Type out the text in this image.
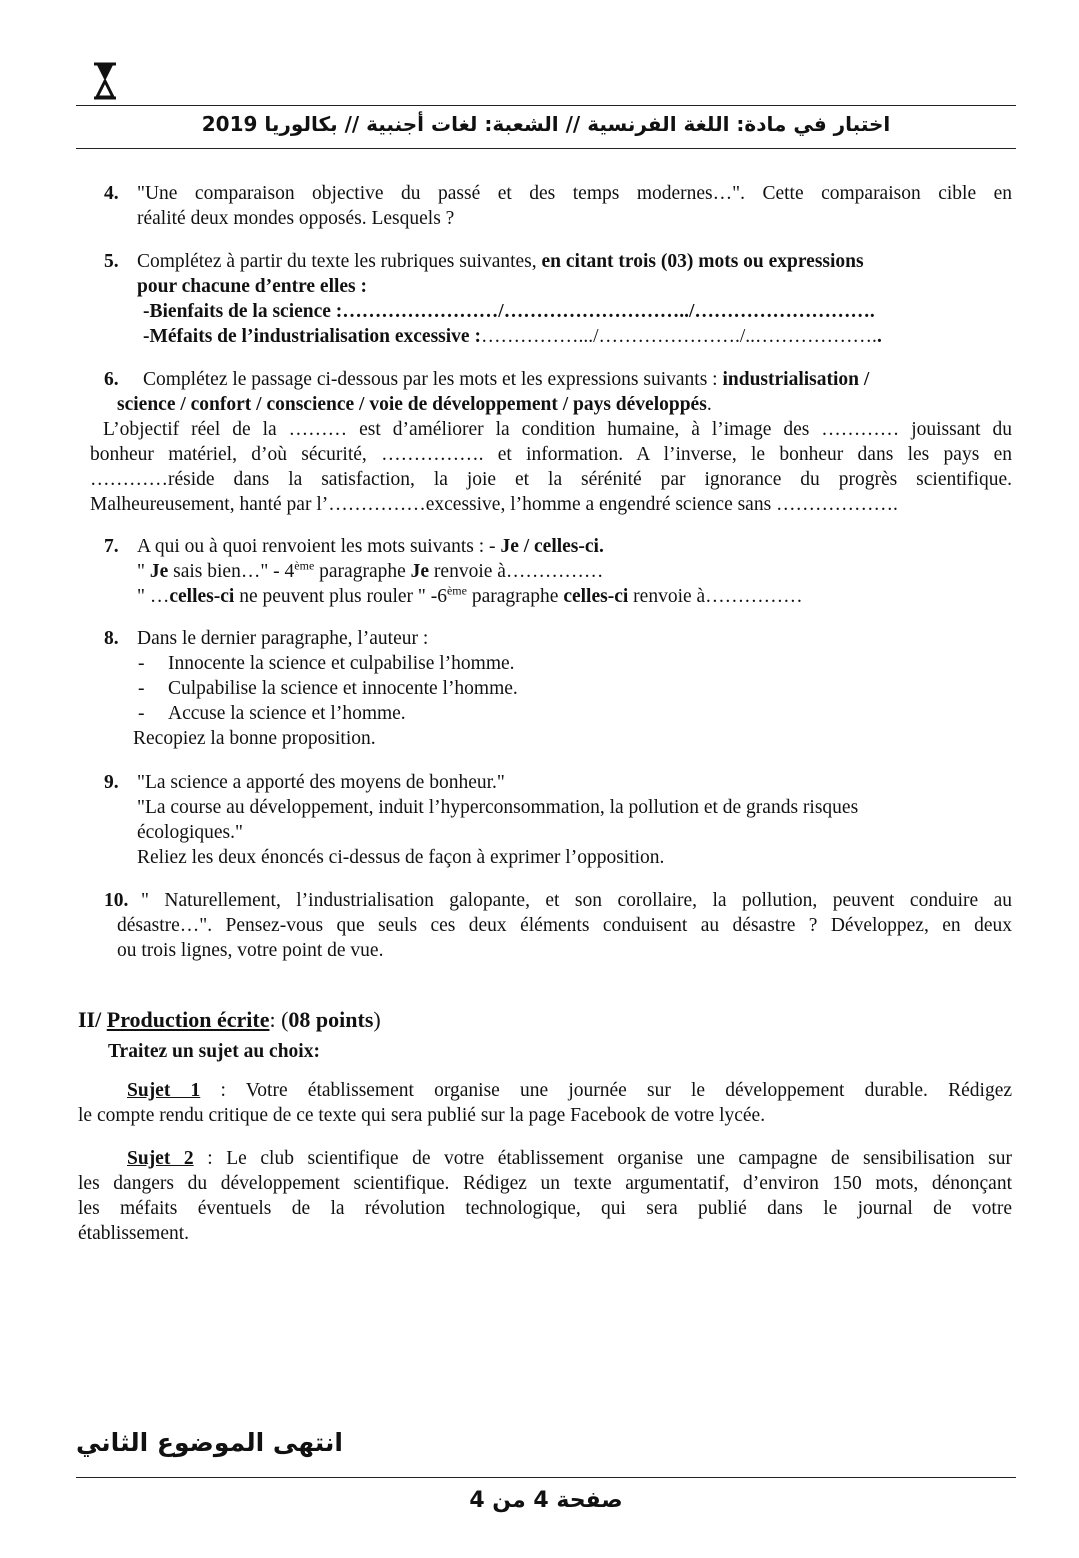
اختبار في مادة: اللغة الفرنسية // الشعبة: لغات أجنبية // بكالوريا 2019
4. "Une comparaison objective du passé et des temps modernes…". Cette comparaison cible en
réalité deux mondes opposés. Lesquels ?
5. Complétez à partir du texte les rubriques suivantes, en citant trois (03) mots ou expressions
pour chacune d’entre elles :
-Bienfaits de la science :……………………/………………………../……………………….
-Méfaits de l’industrialisation excessive :…………….../…………………./..………………..
6.	Complétez le passage ci-dessous par les mots et les expressions suivants : industrialisation /
science / confort / conscience / voie de développement / pays développés.
L’objectif réel de la ……… est d’améliorer la condition humaine, à l’image des ………… jouissant du
bonheur matériel, d’où sécurité, ……………. et information. A l’inverse, le bonheur dans les pays en
…………réside dans la satisfaction, la joie et la sérénité par ignorance du progrès scientifique.
Malheureusement, hanté par l’……………excessive, l’homme a engendré science sans ……………….
7. A qui ou à quoi renvoient les mots suivants : - Je / celles-ci.
" Je sais bien…" - 4ème paragraphe Je renvoie à……………
" …celles-ci ne peuvent plus rouler " -6ème paragraphe celles-ci renvoie à……………
8. Dans le dernier paragraphe, l’auteur :
- Innocente la science et culpabilise l’homme.
- Culpabilise la science et innocente l’homme.
- Accuse la science et l’homme.
Recopiez la bonne proposition.
9. "La science a apporté des moyens de bonheur."
"La course au développement, induit l’hyperconsommation, la pollution et de grands risques
écologiques."
Reliez les deux énoncés ci-dessus de façon à exprimer l’opposition.
10. " Naturellement, l’industrialisation galopante, et son corollaire, la pollution, peuvent conduire au
désastre…". Pensez-vous que seuls ces deux éléments conduisent au désastre ? Développez, en deux
ou trois lignes, votre point de vue.
II/ Production écrite: (08 points)
Traitez un sujet au choix:
Sujet 1 : Votre établissement organise une journée sur le développement durable. Rédigez
le compte rendu critique de ce texte qui sera publié sur la page Facebook de votre lycée.
Sujet 2 : Le club scientifique de votre établissement organise une campagne de sensibilisation sur
les dangers du développement scientifique. Rédigez un texte argumentatif, d’environ 150 mots, dénonçant
les méfaits éventuels de la révolution technologique, qui sera publié dans le journal de votre
établissement.
انتهى الموضوع الثاني
صفحة 4 من 4
